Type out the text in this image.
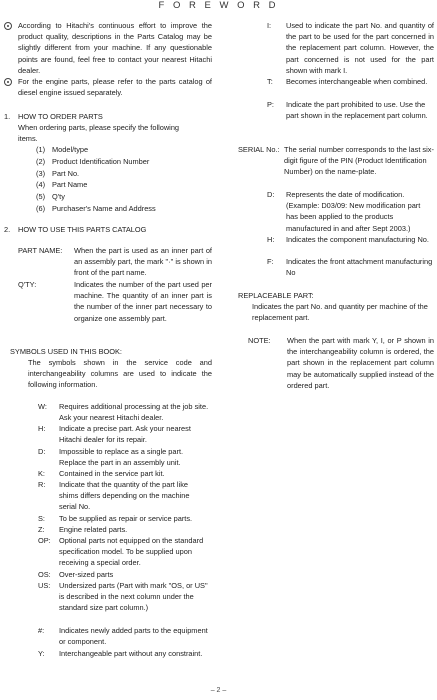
F O R E W O R D
According to Hitachi's continuous effort to improve the product quality, descriptions in the Parts Catalog may be slightly different from your machine. If any questionable points are found, feel free to contact your nearest Hitachi dealer.
For the engine parts, please refer to the parts catalog of diesel engine issued separately.
1. HOW TO ORDER PARTS
When ordering parts, please specify the following items.
(1) Model/type
(2) Product Identification Number
(3) Part No.
(4) Part Name
(5) Q'ty
(6) Purchaser's Name and Address
2. HOW TO USE THIS PARTS CATALOG
PART NAME: When the part is used as an inner part of an assembly part, the mark "·" is shown in front of the part name.
Q'TY:	Indicates the number of the part used per machine. The quantity of an inner part is the number of the inner part necessary to organize one assembly part.
SYMBOLS USED IN THIS BOOK:
The symbols shown in the service code and interchangeability columns are used to indicate the following information.
W: Requires additional processing at the job site. Ask your nearest Hitachi dealer.
H: Indicate a precise part. Ask your nearest Hitachi dealer for its repair.
D: Impossible to replace as a single part. Replace the part in an assembly unit.
K: Contained in the service part kit.
R: Indicate that the quantity of the part like shims differs depending on the machine serial No.
S: To be supplied as repair or service parts.
Z: Engine related parts.
OP: Optional parts not equipped on the standard specification model. To be supplied upon receiving a special order.
OS: Over-sized parts
US: Undersized parts (Part with mark "OS, or US" is described in the next column under the standard size part column.)
#: Indicates newly added parts to the equipment or component.
Y: Interchangeable part without any constraint.
I: Used to indicate the part No. and quantity of the part to be used for the part concerned in the replacement part column. However, the part concerned is not used for the part shown with mark I.
T: Becomes interchangeable when combined.
P: Indicate the part prohibited to use. Use the part shown in the replacement part column.
SERIAL No.: The serial number corresponds to the last six-digit figure of the PIN (Product Identification Number) on the name-plate.
D: Represents the date of modification. (Example: D03/09: New modification part has been applied to the products manufactured in and after Sept 2003.)
H: Indicates the component manufacturing No.
F: Indicates the front attachment manufacturing No
REPLACEABLE PART:
Indicates the part No. and quantity per machine of the replacement part.
NOTE: When the part with mark Y, I, or P shown in the interchangeability column is ordered, the part shown in the replacement part column may be automatically supplied instead of the ordered part.
– 2 –
